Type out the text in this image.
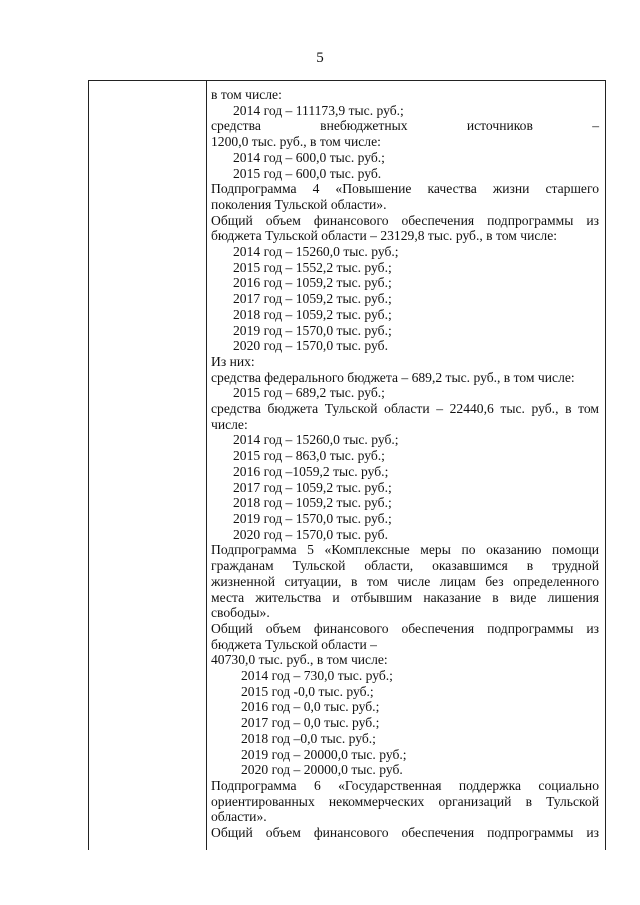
5
в том числе:
2014 год – 111173,9 тыс. руб.;
средства внебюджетных источников –
1200,0 тыс. руб., в том числе:
2014 год – 600,0 тыс. руб.;
2015 год – 600,0 тыс. руб.
Подпрограмма 4 «Повышение качества жизни старшего
поколения Тульской области».
Общий объем финансового обеспечения подпрограммы из
бюджета Тульской области – 23129,8 тыс. руб., в том числе:
2014 год – 15260,0 тыс. руб.;
2015 год – 1552,2 тыс. руб.;
2016 год – 1059,2 тыс. руб.;
2017 год – 1059,2 тыс. руб.;
2018 год – 1059,2 тыс. руб.;
2019 год – 1570,0 тыс. руб.;
2020 год – 1570,0 тыс. руб.
Из них:
средства федерального бюджета – 689,2 тыс. руб., в том числе:
2015 год – 689,2 тыс. руб.;
средства бюджета Тульской области – 22440,6 тыс. руб., в том
числе:
2014 год – 15260,0 тыс. руб.;
2015 год – 863,0 тыс. руб.;
2016 год –1059,2 тыс. руб.;
2017 год – 1059,2 тыс. руб.;
2018 год – 1059,2 тыс. руб.;
2019 год – 1570,0 тыс. руб.;
2020 год – 1570,0 тыс. руб.
Подпрограмма 5 «Комплексные меры по оказанию помощи
гражданам Тульской области, оказавшимся в трудной
жизненной ситуации, в том числе лицам без определенного
места жительства и отбывшим наказание в виде лишения
свободы».
Общий объем финансового обеспечения подпрограммы из
бюджета Тульской области –
40730,0 тыс. руб., в том числе:
2014 год – 730,0 тыс. руб.;
2015 год -0,0 тыс. руб.;
2016 год – 0,0 тыс. руб.;
2017 год – 0,0 тыс. руб.;
2018 год –0,0 тыс. руб.;
2019 год – 20000,0 тыс. руб.;
2020 год – 20000,0 тыс. руб.
Подпрограмма 6 «Государственная поддержка социально
ориентированных некоммерческих организаций в Тульской
области».
Общий объем финансового обеспечения подпрограммы из
